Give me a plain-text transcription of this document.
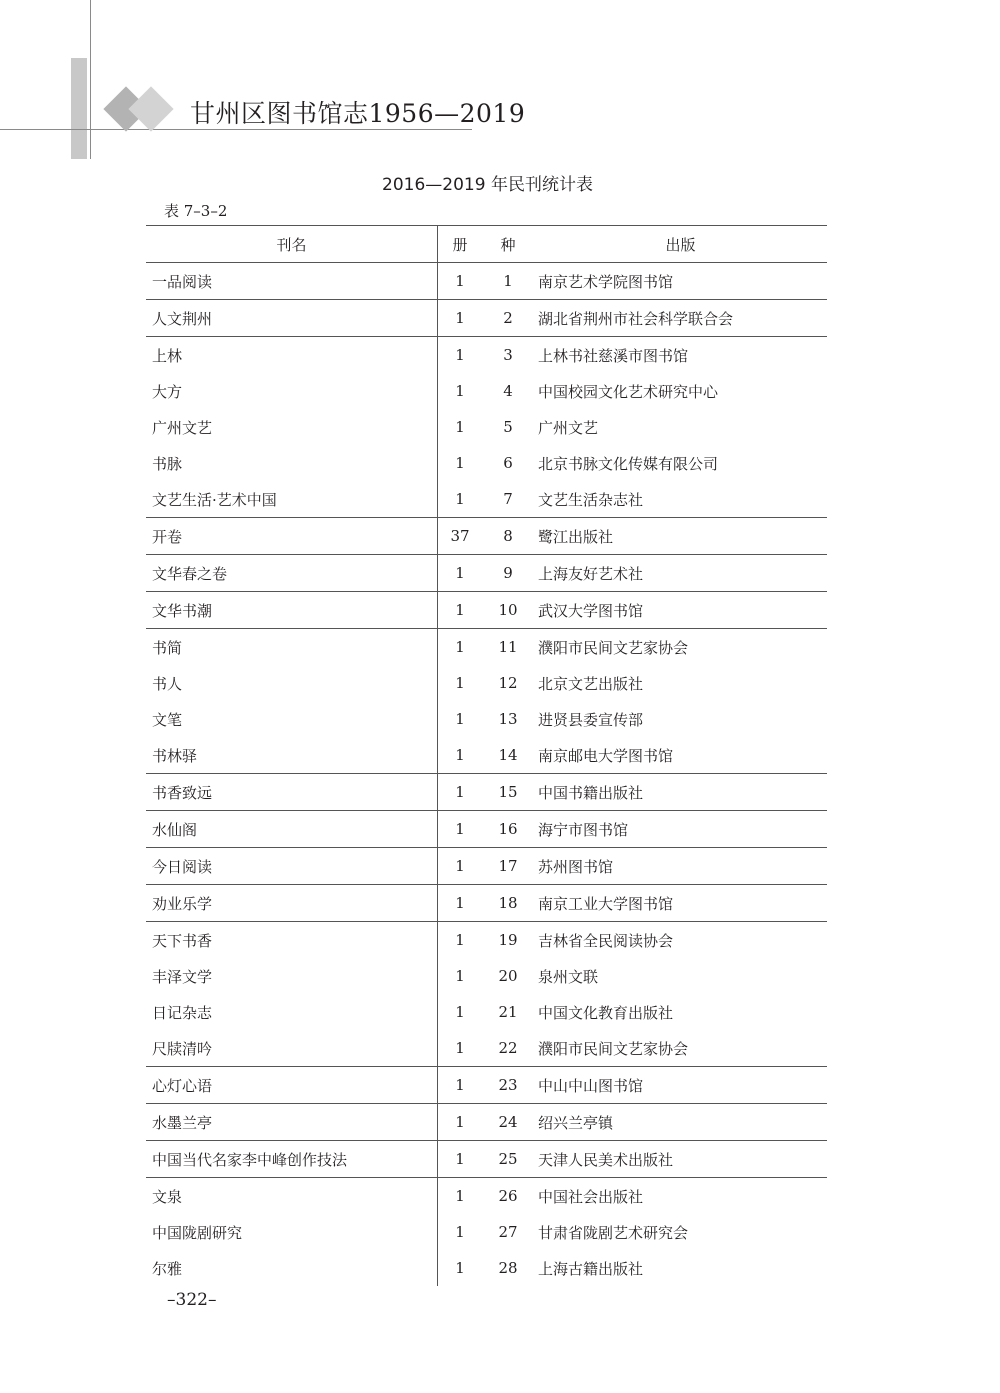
甘州区图书馆志1956—2019
2016—2019 年民刊统计表
表 7–3–2
刊名	册	种	出版
一品阅读	1	1	南京艺术学院图书馆
人文荆州	1	2	湖北省荆州市社会科学联合会
上林	1	3	上林书社慈溪市图书馆
大方	1	4	中国校园文化艺术研究中心
广州文艺	1	5	广州文艺
书脉	1	6	北京书脉文化传媒有限公司
文艺生活·艺术中国	1	7	文艺生活杂志社
开卷	37	8	鹭江出版社
文华春之卷	1	9	上海友好艺术社
文华书潮	1	10	武汉大学图书馆
书简	1	11	濮阳市民间文艺家协会
书人	1	12	北京文艺出版社
文笔	1	13	进贤县委宣传部
书林驿	1	14	南京邮电大学图书馆
书香致远	1	15	中国书籍出版社
水仙阁	1	16	海宁市图书馆
今日阅读	1	17	苏州图书馆
劝业乐学	1	18	南京工业大学图书馆
天下书香	1	19	吉林省全民阅读协会
丰泽文学	1	20	泉州文联
日记杂志	1	21	中国文化教育出版社
尺牍清吟	1	22	濮阳市民间文艺家协会
心灯心语	1	23	中山中山图书馆
水墨兰亭	1	24	绍兴兰亭镇
中国当代名家李中峰创作技法	1	25	天津人民美术出版社
文泉	1	26	中国社会出版社
中国陇剧研究	1	27	甘肃省陇剧艺术研究会
尔雅	1	28	上海古籍出版社
–322–
